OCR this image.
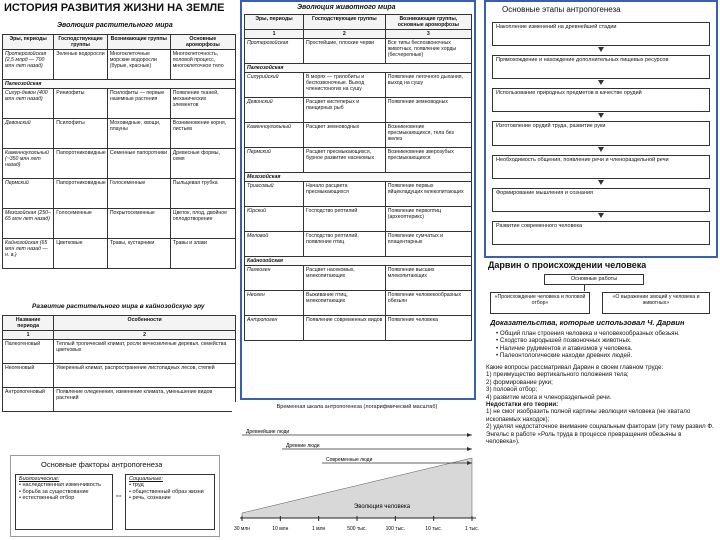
ИСТОРИЯ РАЗВИТИЯ ЖИЗНИ НА ЗЕМЛЕ
Эволюция растительного мира
Эры, периоды	Господствующие группы	Возникающие группы	Основные ароморфозы
Протерозойская (2,5 млрд — 700 млн лет назад)	Зеленые водоросли	Многоклеточные морские водоросли (бурые, красные)	Многоклеточность, половой процесс, многоклеточное тело
Палеозойская			
Силур-девон (400 млн лет назад)	Риниофиты	Псилофиты — первые наземные растения	Появление тканей, механических элементов
Девонский	Псилофиты	Моховидные, хвощи, плауны	Возникновение корня, листьев
Каменноугольный (~350 млн лет назад)	Папоротниковидные	Семенные папоротники	Древесные формы, семя
Пермский	Папоротниковидные	Голосеменные	Пыльцевая трубка
Мезозойская (250–65 млн лет назад)	Голосеменные	Покрытосеменные	Цветок, плод, двойное оплодотворение
Кайнозойская (65 млн лет назад — н. в.)	Цветковые	Травы, кустарники	Травы и злаки
Развитие растительного мира в кайнозойскую эру
Название периода	Особенности
1	2
Палеогеновый	Теплый тропический климат, росли вечнозеленые деревья, семейства цветковых
Неогеновый	Умеренный климат, распространение листопадных лесов, степей
Антропогеновый	Появление оледенения, изменение климата, уменьшение видов растений
Эволюция животного мира
Эры, периоды	Господствующие группы	Возникающие группы, основные ароморфозы
1	2	3
Протерозойская	Простейшие, плоские черви	Все типы беспозвоночных животных, появление хорды (бесчерепные)
Палеозойская		
Силурийский	В морях — трилобиты и беспозвоночные. Выход членистоногих на сушу	Появление легочного дыхания, выход на сушу
Девонский	Расцвет кистеперых и панцирных рыб	Появление земноводных
Каменноугольный	Расцвет земноводных	Возникновение пресмыкающихся, тела без желез
Пермский	Расцвет пресмыкающихся, бурное развитие насекомых	Возникновение зверозубых пресмыкающихся
Мезозойская		
Триасовый	Начало расцвета пресмыкающихся	Появление первых яйцекладущих млекопитающих
Юрский	Господство рептилий	Появление первоптиц (археоптерикс)
Меловой	Господство рептилий, появление птиц	Появление сумчатых и плацентарных
Кайнозойская		
Палеоген	Расцвет насекомых, млекопитающих	Появление высших млекопитающих
Неоген	Выживание птиц, млекопитающих	Появление человекообразных обезьян
Антропоген	Появление современных видов	Появление человека
Основные этапы антропогенеза
Накопление изменений на древнейшей стадии
Прямохождение и нахождение дополнительных пищевых ресурсов
Использование природных предметов в качестве орудий
Изготовление орудий труда, развитие руки
Необходимость общения, появление речи и членораздельной речи
Формирование мышления и сознания
Развитие современного человека
Дарвин о происхождении человека
Основные работы
«Происхождение человека и половой отбор»
«О выражении эмоций у человека и животных»
Доказательства, которые использовал Ч. Дарвин
• Общий план строения человека и человекообразных обезьян.
• Сходство зародышей позвоночных животных.
• Наличие рудиментов и атавизмов у человека.
• Палеонтологические находки древних людей.
Какие вопросы рассматривал Дарвин в своем главном труде:
1) преимущество вертикального положения тела;
2) формирование руки;
3) половой отбор;
4) развитие мозга и членораздельной речи.
Недостатки его теории:
1) не смог изобразить полной картины эволюции человека (не хватало ископаемых находок);
2) уделял недостаточное внимание социальным факторам (эту тему развил Ф. Энгельс в работе «Роль труда в процессе превращения обезьяны в человека»).
Основные факторы антропогенеза
Биологические:
• наследственная изменчивость
• борьба за существование
• естественный отбор	⇔
Социальные:
• труд
• общественный образ жизни
• речь, сознание
Временная шкала антропогенеза (логарифмический масштаб)
Древнейшие люди
Древние люди
Современные люди
30 млн	10 млн	1 млн	500 тыс.	100 тыс.	10 тыс.	1 тыс.
Эволюция человека
